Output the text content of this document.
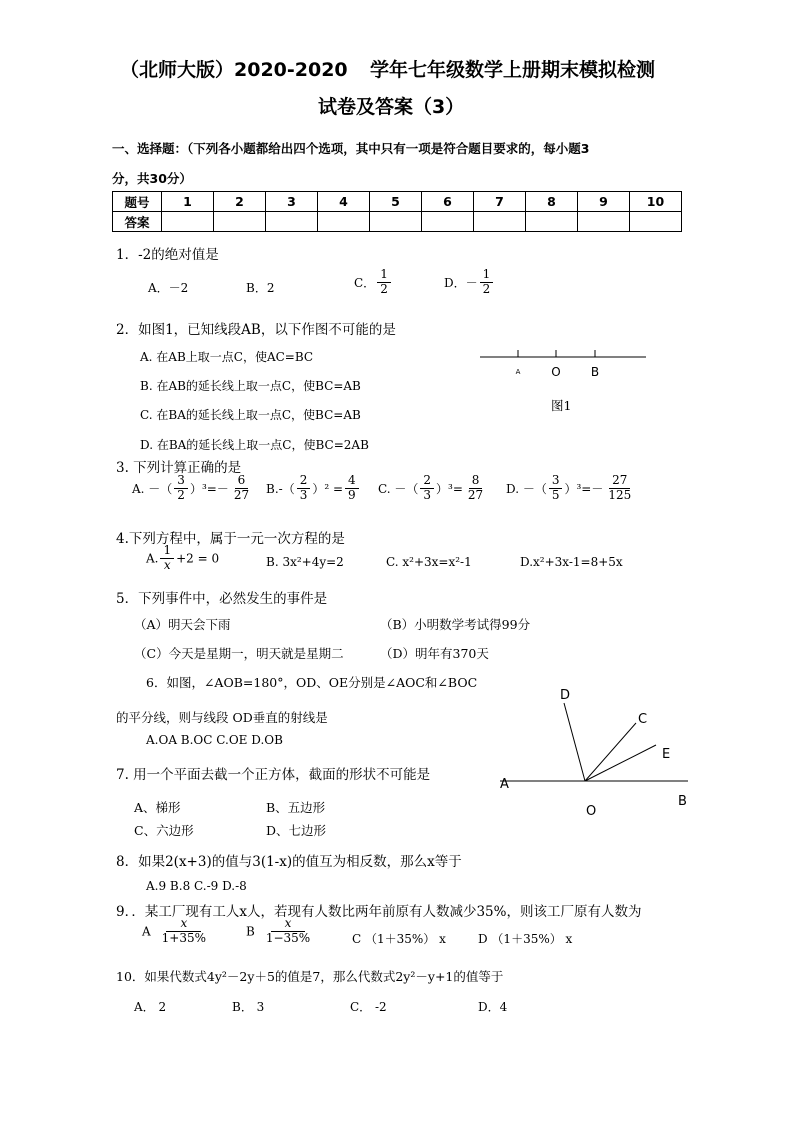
（北师大版）2020-2020 学年七年级数学上册期末模拟检测
试卷及答案（3）
一、选择题：（下列各小题都给出四个选项，其中只有一项是符合题目要求的，每小题3
分，共30分）
题号	1	2	3	4	5	6	7	8	9	10
答案										
1．-2的绝对值是
A．－2	B．2	C． $\frac{1}{2}$	D．－ $\frac{1}{2}$
2．如图1，已知线段AB，以下作图不可能的是
A. 在AB上取一点C，使AC=BC
B. 在AB的延长线上取一点C，使BC=AB
C. 在BA的延长线上取一点C，使BC=AB
D. 在BA的延长线上取一点C，使BC=2AB
A	O	B
图1
3. 下列计算正确的是
A. －（ $\frac{3}{2} )^3=- \frac{6}{27} B.-( \frac{2}{3} )^2 = \frac{4}{9} C$. －（ $\frac{2}{3} )^3= \frac{8}{27} D$. －（ $\frac{3}{5} )^3=- \frac{27}{125}$
4.下列方程中，属于一元一次方程的是
A. $\frac{1}{x} +2 = 0$	B. 3x²+4y=2	C. x²+3x=x²-1	D.x²+3x-1=8+5x
5．下列事件中，必然发生的事件是
（A）明天会下雨	（B）小明数学考试得99分
（C）今天是星期一，明天就是星期二	（D）明年有370天
6．如图，∠AOB=180°，OD、OE分别是∠AOC和∠BOC
的平分线，则与线段 OD垂直的射线是
A.OA B.OC C.OE D.OB
D
C
E
A
O
B
7. 用一个平面去截一个正方体，截面的形状不可能是
A、梯形	B、五边形
C、六边形	D、七边形
8．如果2(x+3)的值与3(1-x)的值互为相反数，那么x等于
A.9 B.8 C.-9 D.-8
9．．某工厂现有工人x人，若现有人数比两年前原有人数减少35%，则该工厂原有人数为
A $\frac{x}{1+35\%}$	B $\frac{x}{1-35\%}$	C （1＋35%） x	D （1＋35%） x
10．如果代数式4y²－2y＋5的值是7，那么代数式2y²－y+1的值等于
A． 2	B． 3	C． -2	D．4
